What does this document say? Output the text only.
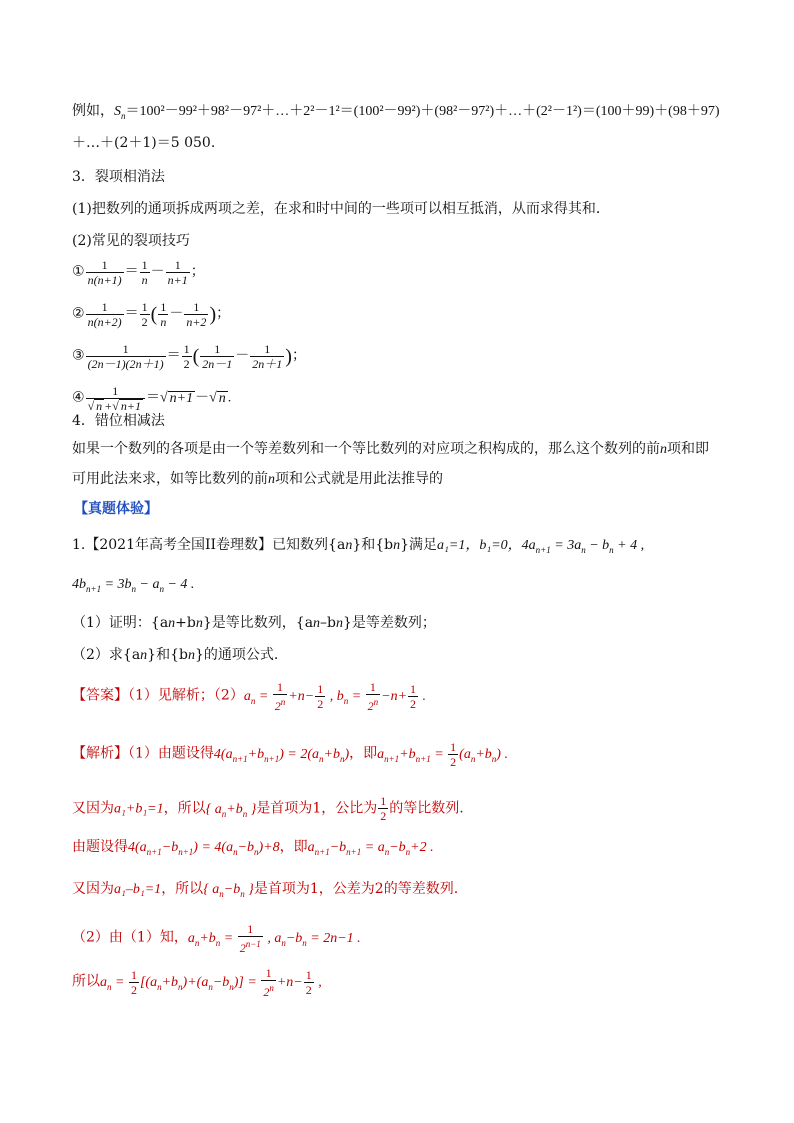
例如，$S_n=100^2-99^2+98^2-97^2+\dots+2^2-1^2=(100^2-99^2)+(98^2-97^2)+\dots+(2^2-1^2)=(100+99)+(98+97)$
＋…＋(2＋1)＝5 050.
3．裂项相消法
(1)把数列的通项拆成两项之差，在求和时中间的一些项可以相互抵消，从而求得其和．
(2)常见的裂项技巧
① $\frac{1}{n(n+1)} = \frac{1}{n} - \frac{1}{n+1}$ ；
② $\frac{1}{n(n+2)} = \frac{1}{2}$ ( $\frac{1}{n} - \frac{1}{n+2}$ )；
③ $\frac{1}{(2n-1)(2n+1)} = \frac{1}{2}$ ( $\frac{1}{2n-1} - \frac{1}{2n+1}$ )；
④ $\frac{1}{√ n +√ n+1}$ ＝√ n+1 －√ n .
4．错位相减法
如果一个数列的各项是由一个等差数列和一个等比数列的对应项之积构成的，那么这个数列的前n项和即
可用此法来求，如等比数列的前n项和公式就是用此法推导的
【真题体验】
1.【2021年高考全国II卷理数】已知数列{an}和{bn}满足a₁=1，b₁=0，$4a_{n+1} = 3a_n - b_n + 4$ ,
$4b_{n+1} = 3b_n - a_n - 4$ .
（1）证明：{an+bn}是等比数列，{an–bn}是等差数列；
（2）求{an}和{bn}的通项公式.
【答案】（1）见解析；$(2)a_n = \frac{1}{2^n} +n- \frac{1}{2}$ , $b_n = \frac{1}{2^n} -n+ \frac{1}{2}$ .
【解析】（1）由题设得$4(a_{n+1}+b_{n+1}) = 2(a_n+b_n)$，即$a_{n+1}+b_{n+1} = \frac{1}{2} (a_n+b_n)$ .
又因为a₁+b₁=1，所以{ $a_n+b_n$ }是首项为1，公比为 $\frac{1}{2}$ 的等比数列.
由题设得$4(a_{n+1}-b_{n+1}) = 4(a_n-b_n)+8$，即$a_{n+1}-b_{n+1} = a_n-b_n+2$ .
又因为a₁–b₁=1，所以{ $a_n-b_n$ }是首项为1，公差为2的等差数列.
（2）由（1）知，$a_n+b_n = \frac{1}{2^{n-1}}$ , $a_n-b_n = 2n-1$ .
所以$a_n = \frac{1}{2} [(a_n+b_n)+(a_n-b_n)] = \frac{1}{2^n} +n- \frac{1}{2}$ ,
